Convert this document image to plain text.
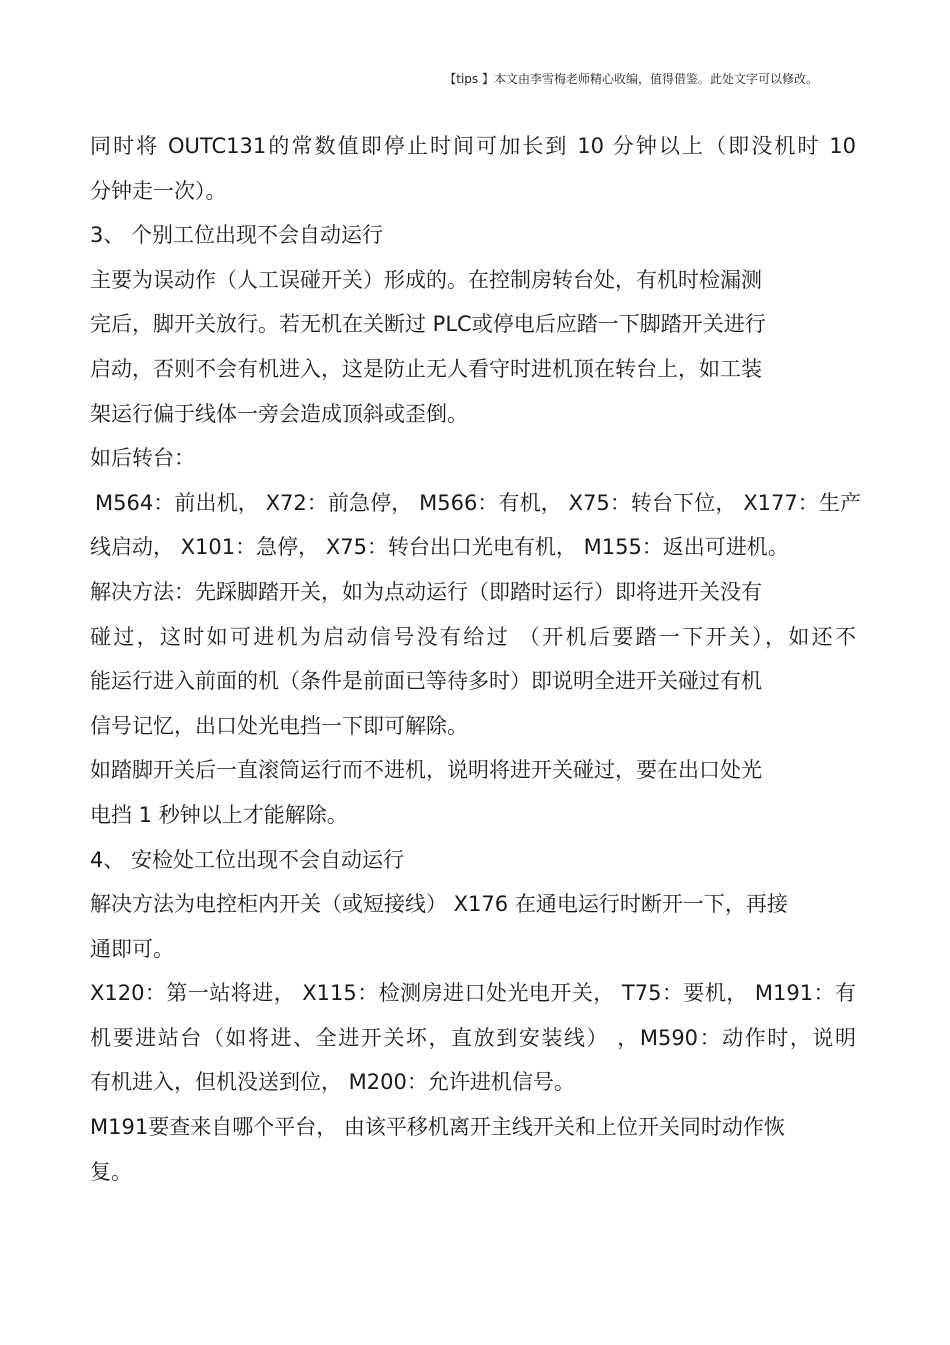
【tips 】本文由李雪梅老师精心收编，值得借鉴。此处文字可以修改。
同时将 OUTC131的常数值即停止时间可加长到 10 分钟以上（即没机时 10
分钟走一次）。
3、 个别工位出现不会自动运行
主要为误动作（人工误碰开关）形成的。在控制房转台处，有机时检漏测
完后，脚开关放行。若无机在关断过 PLC或停电后应踏一下脚踏开关进行
启动，否则不会有机进入，这是防止无人看守时进机顶在转台上，如工装
架运行偏于线体一旁会造成顶斜或歪倒。
如后转台：
M564：前出机， X72：前急停， M566：有机， X75：转台下位， X177：生产
线启动， X101：急停， X75：转台出口光电有机， M155：返出可进机。
解决方法：先踩脚踏开关，如为点动运行（即踏时运行）即将进开关没有
碰过，这时如可进机为启动信号没有给过 （开机后要踏一下开关），如还不
能运行进入前面的机（条件是前面已等待多时）即说明全进开关碰过有机
信号记忆，出口处光电挡一下即可解除。
如踏脚开关后一直滚筒运行而不进机，说明将进开关碰过，要在出口处光
电挡 1 秒钟以上才能解除。
4、 安检处工位出现不会自动运行
解决方法为电控柜内开关（或短接线） X176 在通电运行时断开一下，再接
通即可。
X120：第一站将进， X115：检测房进口处光电开关， T75：要机， M191：有
机要进站台（如将进、全进开关坏，直放到安装线） ，M590：动作时，说明
有机进入，但机没送到位， M200：允许进机信号。
M191要查来自哪个平台， 由该平移机离开主线开关和上位开关同时动作恢
复。
